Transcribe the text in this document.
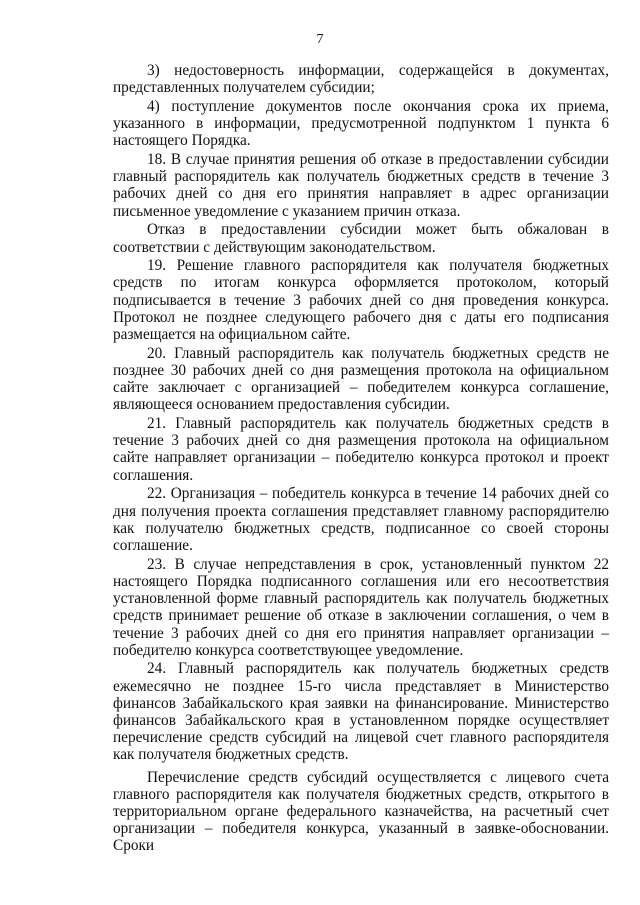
7

3) недостоверность информации, содержащейся в документах, представленных получателем субсидии;

4) поступление документов после окончания срока их приема, указанного в информации, предусмотренной подпунктом 1 пункта 6 настоящего Порядка.

18. В случае принятия решения об отказе в предоставлении субсидии главный распорядитель как получатель бюджетных средств в течение 3 рабочих дней со дня его принятия направляет в адрес организации письменное уведомление с указанием причин отказа.

Отказ в предоставлении субсидии может быть обжалован в соответствии с действующим законодательством.

19. Решение главного распорядителя как получателя бюджетных средств по итогам конкурса оформляется протоколом, который подписывается в течение 3 рабочих дней со дня проведения конкурса. Протокол не позднее следующего рабочего дня с даты его подписания размещается на официальном сайте.

20. Главный распорядитель как получатель бюджетных средств не позднее 30 рабочих дней со дня размещения протокола на официальном сайте заключает с организацией – победителем конкурса соглашение, являющееся основанием предоставления субсидии.

21. Главный распорядитель как получатель бюджетных средств в течение 3 рабочих дней со дня размещения протокола на официальном сайте направляет организации – победителю конкурса протокол и проект соглашения.

22. Организация – победитель конкурса в течение 14 рабочих дней со дня получения проекта соглашения представляет главному распорядителю как получателю бюджетных средств, подписанное со своей стороны соглашение.

23. В случае непредставления в срок, установленный пунктом 22 настоящего Порядка подписанного соглашения или его несоответствия установленной форме главный распорядитель как получатель бюджетных средств принимает решение об отказе в заключении соглашения, о чем в течение 3 рабочих дней со дня его принятия направляет организации – победителю конкурса соответствующее уведомление.

24. Главный распорядитель как получатель бюджетных средств ежемесячно не позднее 15-го числа представляет в Министерство финансов Забайкальского края заявки на финансирование. Министерство финансов Забайкальского края в установленном порядке осуществляет перечисление средств субсидий на лицевой счет главного распорядителя как получателя бюджетных средств.

Перечисление средств субсидий осуществляется с лицевого счета главного распорядителя как получателя бюджетных средств, открытого в территориальном органе федерального казначейства, на расчетный счет организации – победителя конкурса, указанный в заявке-обосновании. Сроки
